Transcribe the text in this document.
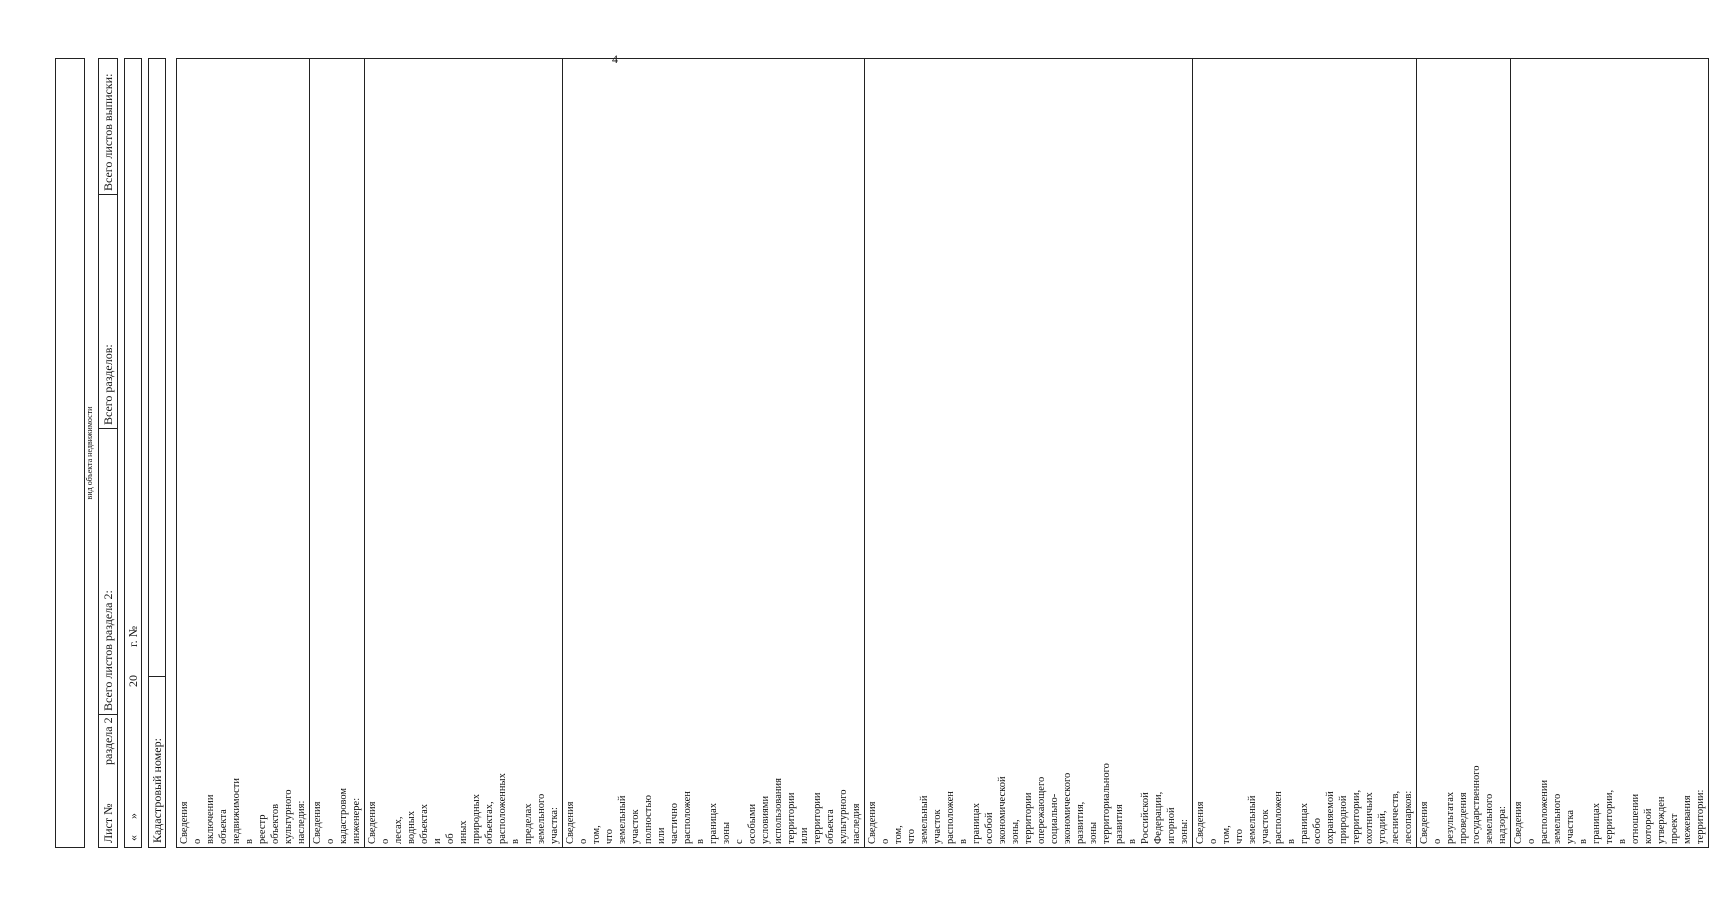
4
вид объекта недвижимости
Лист №
раздела 2
Всего листов раздела 2:
Всего разделов:
Всего листов выписки:
«
»
20
г. №
Кадастровый номер: Сведения о включении объекта недвижимости в реестр объектов культурного наследия:	
Сведения о кадастровом инженере:	
Сведения о лесах, водных объектах и об иных природных объектах, расположенных в пределах земельного участка:	
Сведения о том, что земельный участок полностью или частично расположен в границах зоны с особыми условиями использования территории или территории объекта культурного наследия	
Сведения о том, что земельный участок расположен в границах особой экономической зоны, территории опережающего социально-экономического развития, зоны территориального развития в Российской Федерации, игорной зоны:	
Сведения о том, что земельный участок расположен в границах особо охраняемой природной территории, охотничьих угодий, лесничеств, лесопарков:	
Сведения о результатах проведения государственного земельного надзора:	
Сведения о расположении земельного участка в границах территории, в отношении которой утвержден проект межевания территории:	
